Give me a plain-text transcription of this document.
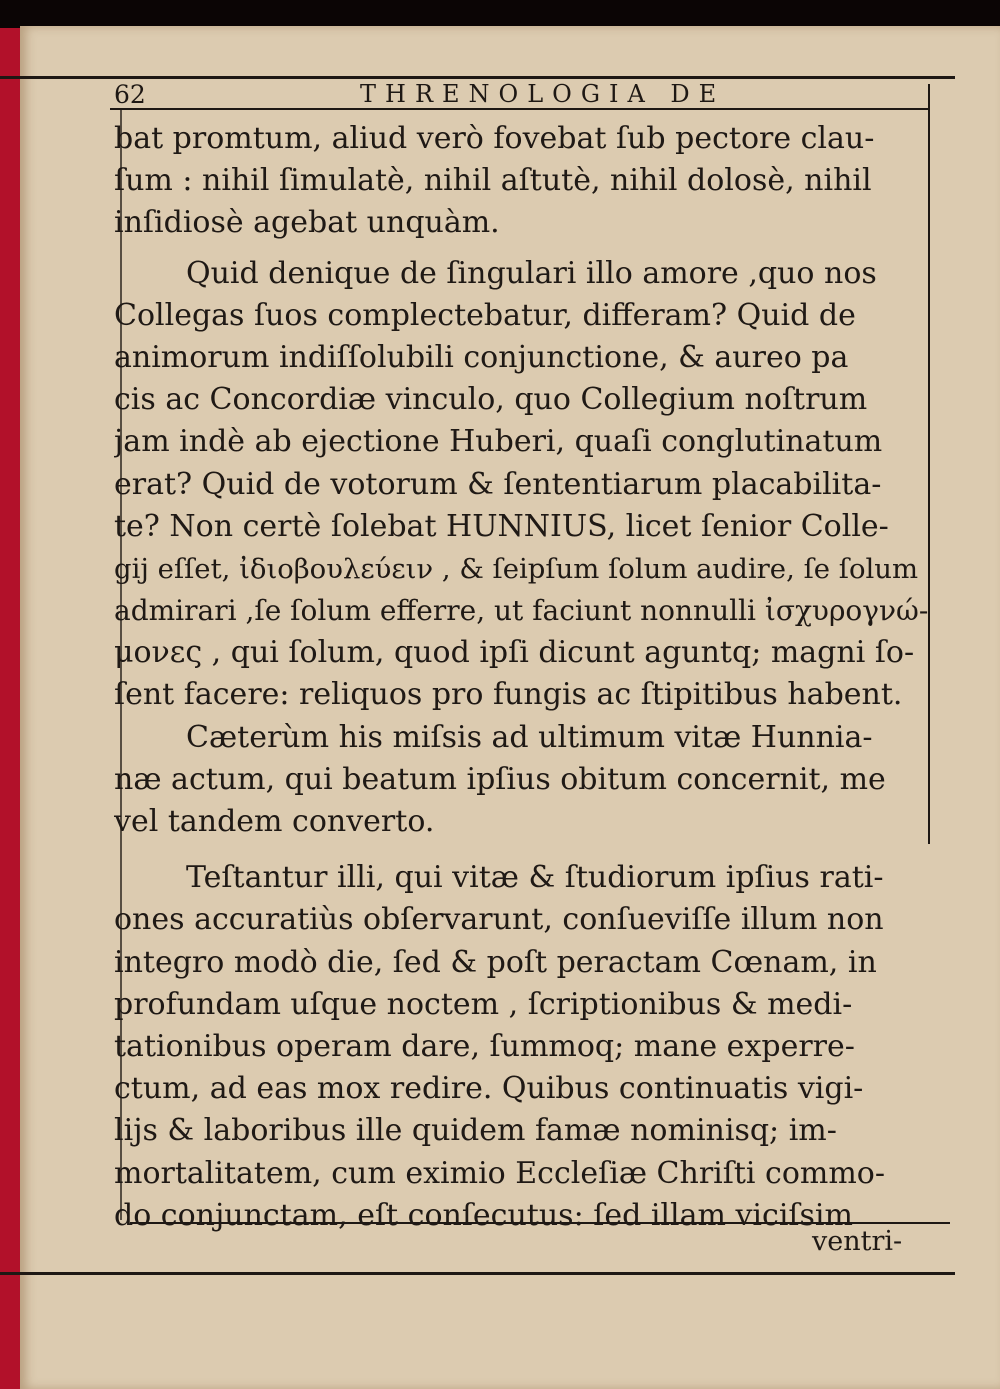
62	THRENOLOGIA DE
bat promtum, aliud verò fovebat ſub pectore clau-
ſum : nihil ſimulatè, nihil aſtutè, nihil dolosè, nihil
inſidiosè agebat unquàm.
Quid denique de ſingulari illo amore ,quo nos
Collegas ſuos complectebatur, differam? Quid de
animorum indiſſolubili conjunctione, & aureo pa
cis ac Concordiæ vinculo, quo Collegium noſtrum
jam indè ab ejectione Huberi, quaſi conglutinatum
erat? Quid de votorum & ſententiarum placabilita-
te? Non certè ſolebat HUNNIUS, licet ſenior Colle-
gij eſſet, ἰδιοβουλεύειν , & ſeipſum ſolum audire, ſe ſolum
admirari ,ſe ſolum efferre, ut faciunt nonnulli ἰσχυρογνώ-
μονες , qui ſolum, quod ipſi dicunt aguntq; magni ſo-
ſent facere: reliquos pro fungis ac ſtipitibus habent.
Cæterùm his miſsis ad ultimum vitæ Hunnia-
næ actum, qui beatum ipſius obitum concernit, me
vel tandem converto.
Teſtantur illi, qui vitæ & ſtudiorum ipſius rati-
ones accuratiùs obſervarunt, conſueviſſe illum non
integro modò die, ſed & poſt peractam Cœnam, in
profundam uſque noctem , ſcriptionibus & medi-
tationibus operam dare, ſummoq; mane experre-
ctum, ad eas mox redire. Quibus continuatis vigi-
lijs & laboribus ille quidem famæ nominisq; im-
mortalitatem, cum eximio Eccleſiæ Chriſti commo-
do conjunctam, eſt conſecutus: ſed illam viciſsim
ventri-
